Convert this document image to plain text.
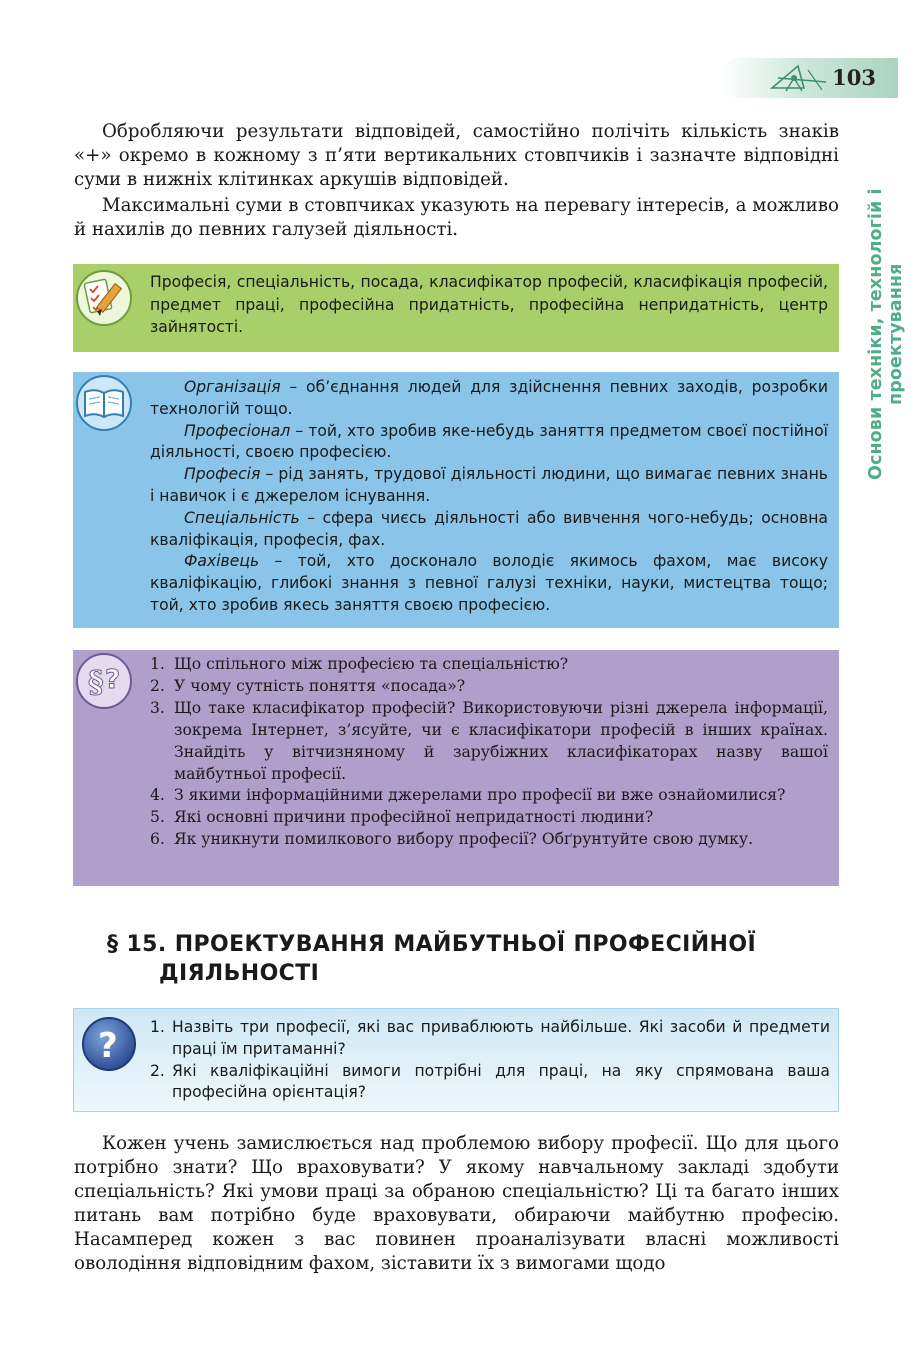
103
Основи техніки, технологій і проектування

Обробляючи результати відповідей, самостійно полічіть кількість знаків «+» окремо в кожному з п’яти вертикальних стовпчиків і зазначте відповідні суми в нижніх клітинках аркушів відповідей.

Максимальні суми в стовпчиках указують на перевагу інтересів, а можливо й нахилів до певних галузей діяльності.

Професія, спеціальність, посада, класифікатор професій, класифікація професій, предмет праці, професійна придатність, професійна непридатність, центр зайнятості.

Організація – об’єднання людей для здійснення певних заходів, розробки технологій тощо.

Професіонал – той, хто зробив яке-небудь заняття предметом своєї постійної діяльності, своєю професією.

Професія – рід занять, трудової діяльності людини, що вимагає певних знань і навичок і є джерелом існування.

Спеціальність – сфера чиєсь діяльності або вивчення чого-небудь; основна кваліфікація, професія, фах.

Фахівець – той, хто досконало володіє якимось фахом, має високу кваліфікацію, глибокі знання з певної галузі техніки, науки, мистецтва тощо; той, хто зробив якесь заняття своєю професією.

§ ?
1. Що спільного між професією та спеціальністю?
2. У чому сутність поняття «посада»?
3. Що таке класифікатор професій? Використовуючи різні джерела інформації, зокрема Інтернет, з’ясуйте, чи є класифікатори професій в інших країнах. Знайдіть у вітчизняному й зарубіжних класифікаторах назву вашої майбутньої професії.
4. З якими інформаційними джерелами про професії ви вже ознайомилися?
5. Які основні причини професійної непридатності людини?
6. Як уникнути помилкового вибору професії? Обґрунтуйте свою думку.
§ 15. ПРОЕКТУВАННЯ МАЙБУТНЬОЇ ПРОФЕСІЙНОЇ
ДІЯЛЬНОСТІ
? 1. Назвіть три професії, які вас приваблюють найбільше. Які засоби й предмети праці їм притаманні?
2. Які кваліфікаційні вимоги потрібні для праці, на яку спрямована ваша професійна орієнтація?

Кожен учень замислюється над проблемою вибору професії. Що для цього потрібно знати? Що враховувати? У якому навчальному закладі здобути спеціальність? Які умови праці за обраною спеціальністю? Ці та багато інших питань вам потрібно буде враховувати, обираючи майбутню професію. Насамперед кожен з вас повинен проаналізувати власні можливості оволодіння відповідним фахом, зіставити їх з вимогами щодо
